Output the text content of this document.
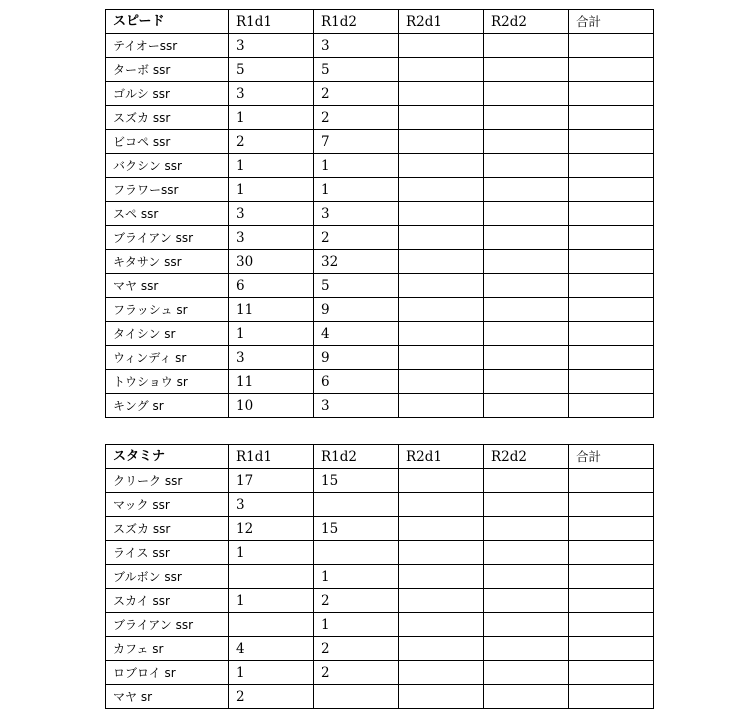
スピード	R1d1	R1d2	R2d1	R2d2	合計
テイオーssr	3	3			
ターボ ssr	5	5			
ゴルシ ssr	3	2			
スズカ ssr	1	2			
ビコペ ssr	2	7			
バクシン ssr	1	1			
フラワーssr	1	1			
スペ ssr	3	3			
ブライアン ssr	3	2			
キタサン ssr	30	32			
マヤ ssr	6	5			
フラッシュ sr	11	9			
タイシン sr	1	4			
ウィンディ sr	3	9			
トウショウ sr	11	6			
キング sr	10	3			
スタミナ	R1d1	R1d2	R2d1	R2d2	合計
クリーク ssr	17	15			
マック ssr	3				
スズカ ssr	12	15			
ライス ssr	1				
ブルボン ssr		1			
スカイ ssr	1	2			
ブライアン ssr		1			
カフェ sr	4	2			
ロブロイ sr	1	2			
マヤ sr	2				
